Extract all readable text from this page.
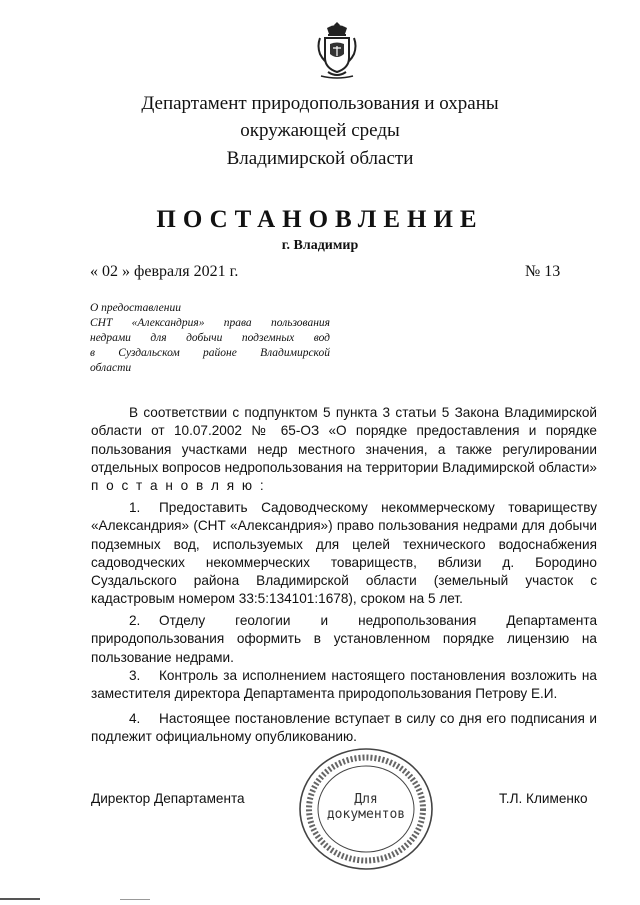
Департамент природопользования и охраны
окружающей среды
Владимирской области
ПОСТАНОВЛЕНИЕ
г. Владимир
« 02 » февраля 2021 г.	№ 13
О предоставлении
СНТ «Александрия» права пользования
недрами для добычи подземных вод
в Суздальском районе Владимирской
области

В соответствии с подпунктом 5 пункта 3 статьи 5 Закона Владимирской области от 10.07.2002 № 65-ОЗ «О порядке предоставления и порядке пользования участками недр местного значения, а также регулировании отдельных вопросов недропользования на территории Владимирской области» п о с т а н о в л я ю :

1. Предоставить Садоводческому некоммерческому товариществу «Александрия» (СНТ «Александрия») право пользования недрами для добычи подземных вод, используемых для целей технического водоснабжения садоводческих некоммерческих товариществ, вблизи д. Бородино Суздальского района Владимирской области (земельный участок с кадастровым номером 33:5:134101:1678), сроком на 5 лет.

2. Отделу геологии и недропользования Департамента природопользования оформить в установленном порядке лицензию на пользование недрами.

3. Контроль за исполнением настоящего постановления возложить на заместителя директора Департамента природопользования Петрову Е.И.

4. Настоящее постановление вступает в силу со дня его подписания и подлежит официальному опубликованию.

Директор Департамента	Т.Л. Клименко
Для
документов
